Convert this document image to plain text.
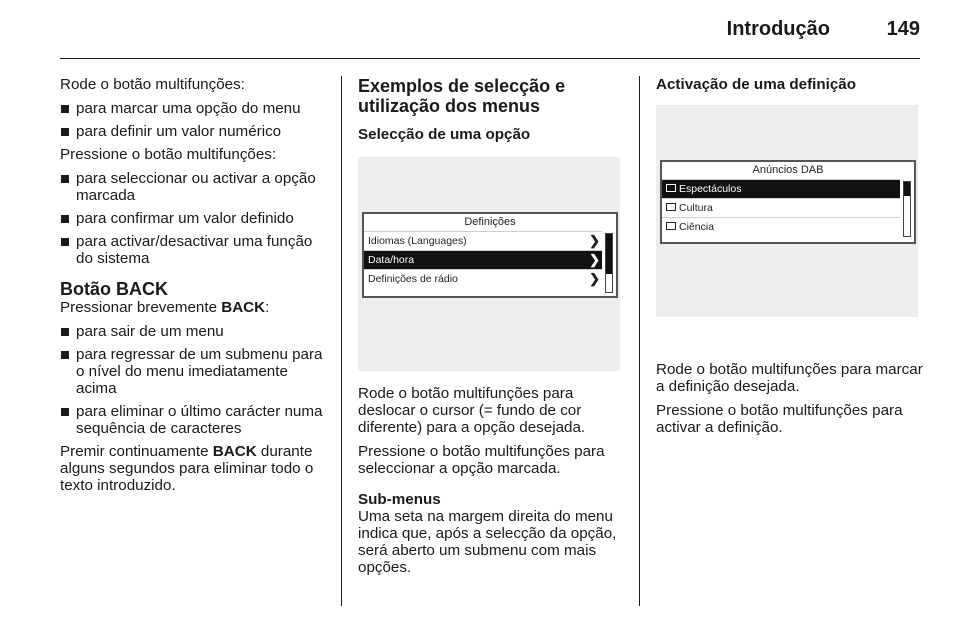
Introdução	149

Rode o botão multifunções:

para marcar uma opção do menu
para definir um valor numérico

Pressione o botão multifunções:

para seleccionar ou activar a opção marcada
para confirmar um valor definido
para activar/desactivar uma função do sistema
Botão BACK

Pressionar brevemente BACK:

para sair de um menu
para regressar de um submenu para o nível do menu imediatamente acima
para eliminar o último carácter numa sequência de caracteres

Premir continuamente BACK durante alguns segundos para eliminar todo o texto introduzido.

Exemplos de selecção e utilização dos menus
Selecção de uma opção
Definições
Idiomas (Languages)	❯
Data/hora	❯
Definições de rádio	❯

Rode o botão multifunções para deslocar o cursor (= fundo de cor diferente) para a opção desejada.

Pressione o botão multifunções para seleccionar a opção marcada.

Sub-menus

Uma seta na margem direita do menu indica que, após a selecção da opção, será aberto um submenu com mais opções.

Activação de uma definição
Anúncios DAB
Espectáculos
Cultura
Ciência

Rode o botão multifunções para marcar a definição desejada.

Pressione o botão multifunções para activar a definição.
